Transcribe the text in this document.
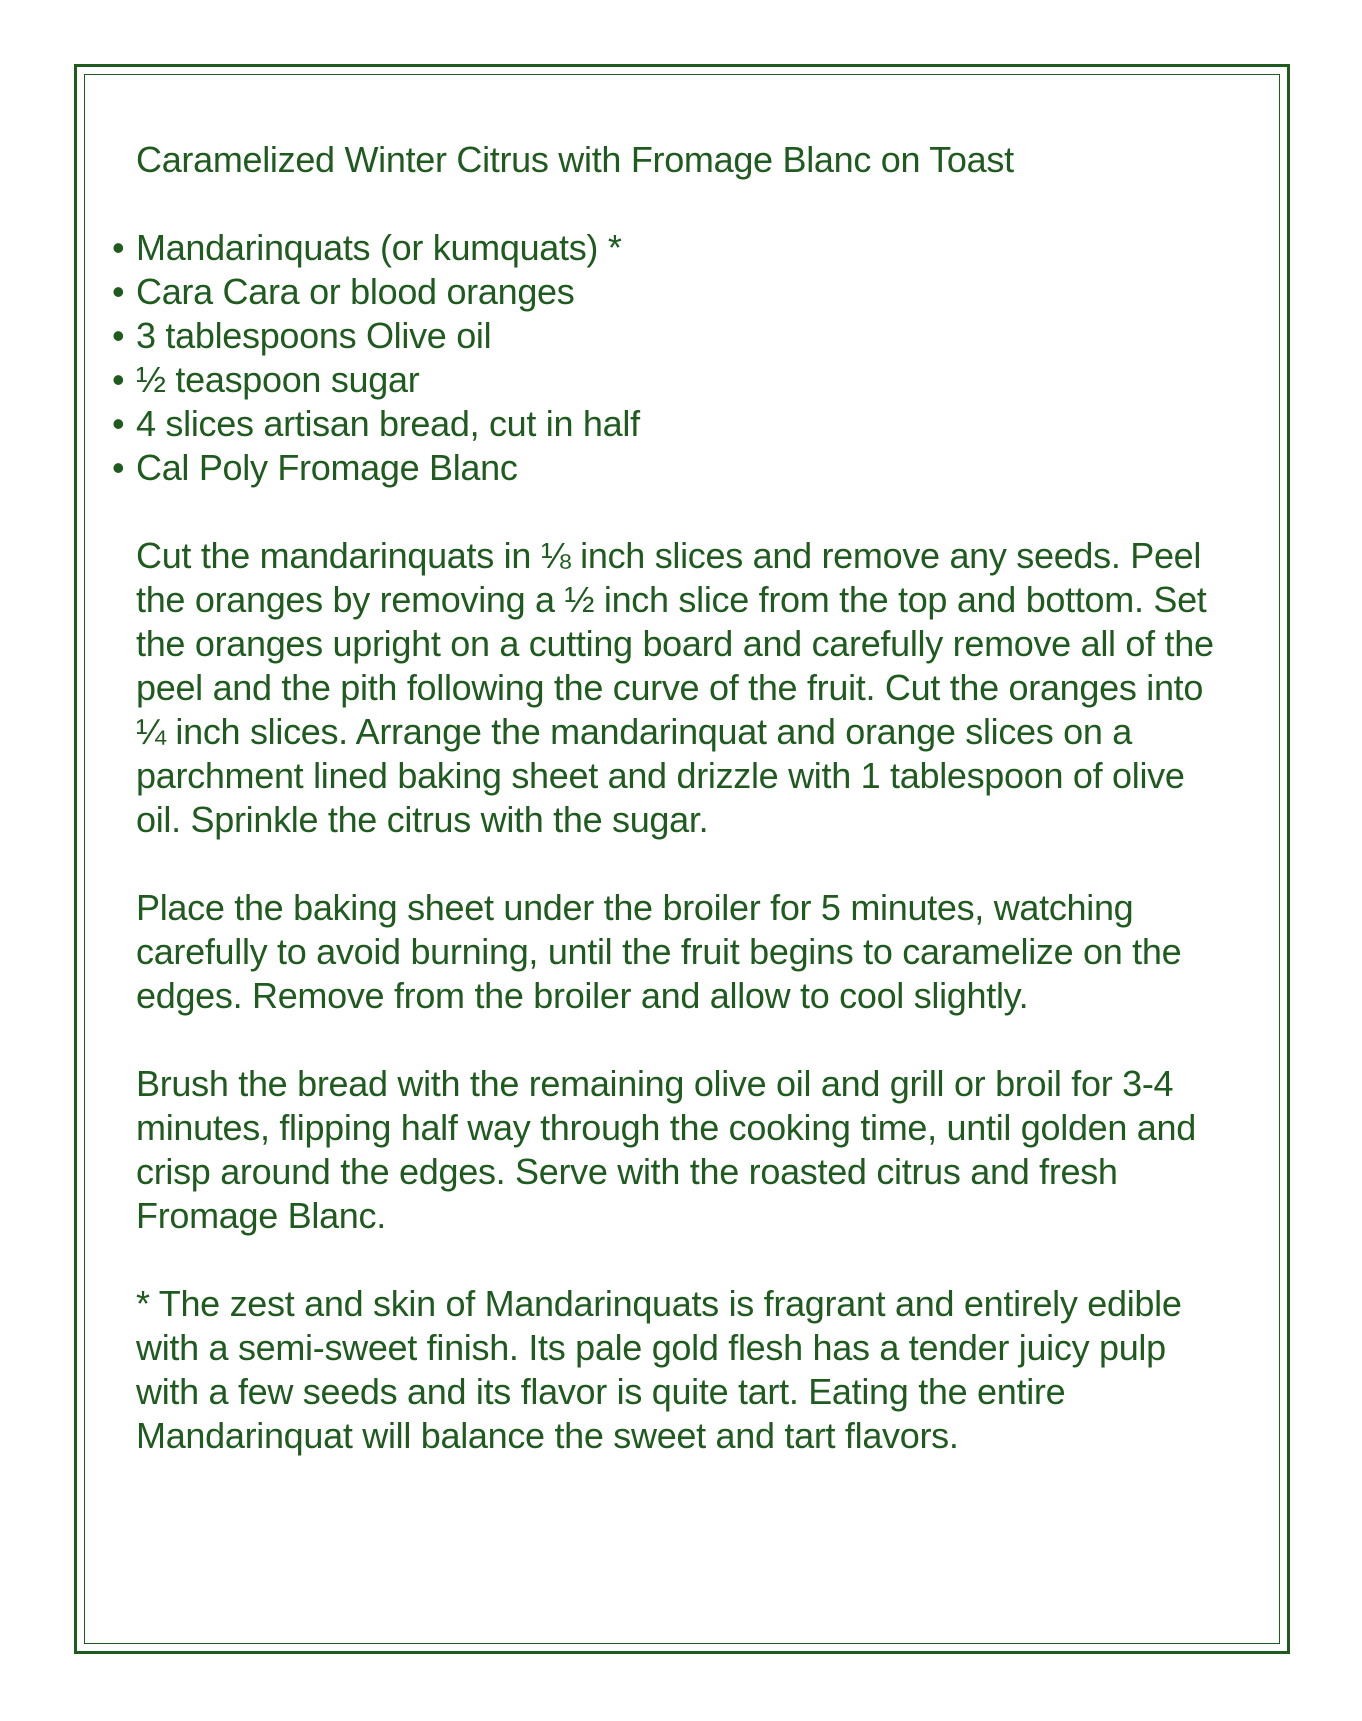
Caramelized Winter Citrus with Fromage Blanc on Toast
• Mandarinquats (or kumquats) *
• Cara Cara or blood oranges
• 3 tablespoons Olive oil
• ½ teaspoon sugar
• 4 slices artisan bread, cut in half
• Cal Poly Fromage Blanc

Cut the mandarinquats in ⅛ inch slices and remove any seeds. Peel the oranges by removing a ½ inch slice from the top and bottom. Set the oranges upright on a cutting board and carefully remove all of the peel and the pith following the curve of the fruit. Cut the oranges into ¼ inch slices. Arrange the mandarinquat and orange slices on a parchment lined baking sheet and drizzle with 1 tablespoon of olive oil. Sprinkle the citrus with the sugar.

Place the baking sheet under the broiler for 5 minutes, watching carefully to avoid burning, until the fruit begins to caramelize on the edges. Remove from the broiler and allow to cool slightly.

Brush the bread with the remaining olive oil and grill or broil for 3-4 minutes, flipping half way through the cooking time, until golden and crisp around the edges. Serve with the roasted citrus and fresh Fromage Blanc.

* The zest and skin of Mandarinquats is fragrant and entirely edible with a semi-sweet finish. Its pale gold flesh has a tender juicy pulp with a few seeds and its flavor is quite tart. Eating the entire Mandarinquat will balance the sweet and tart flavors.
